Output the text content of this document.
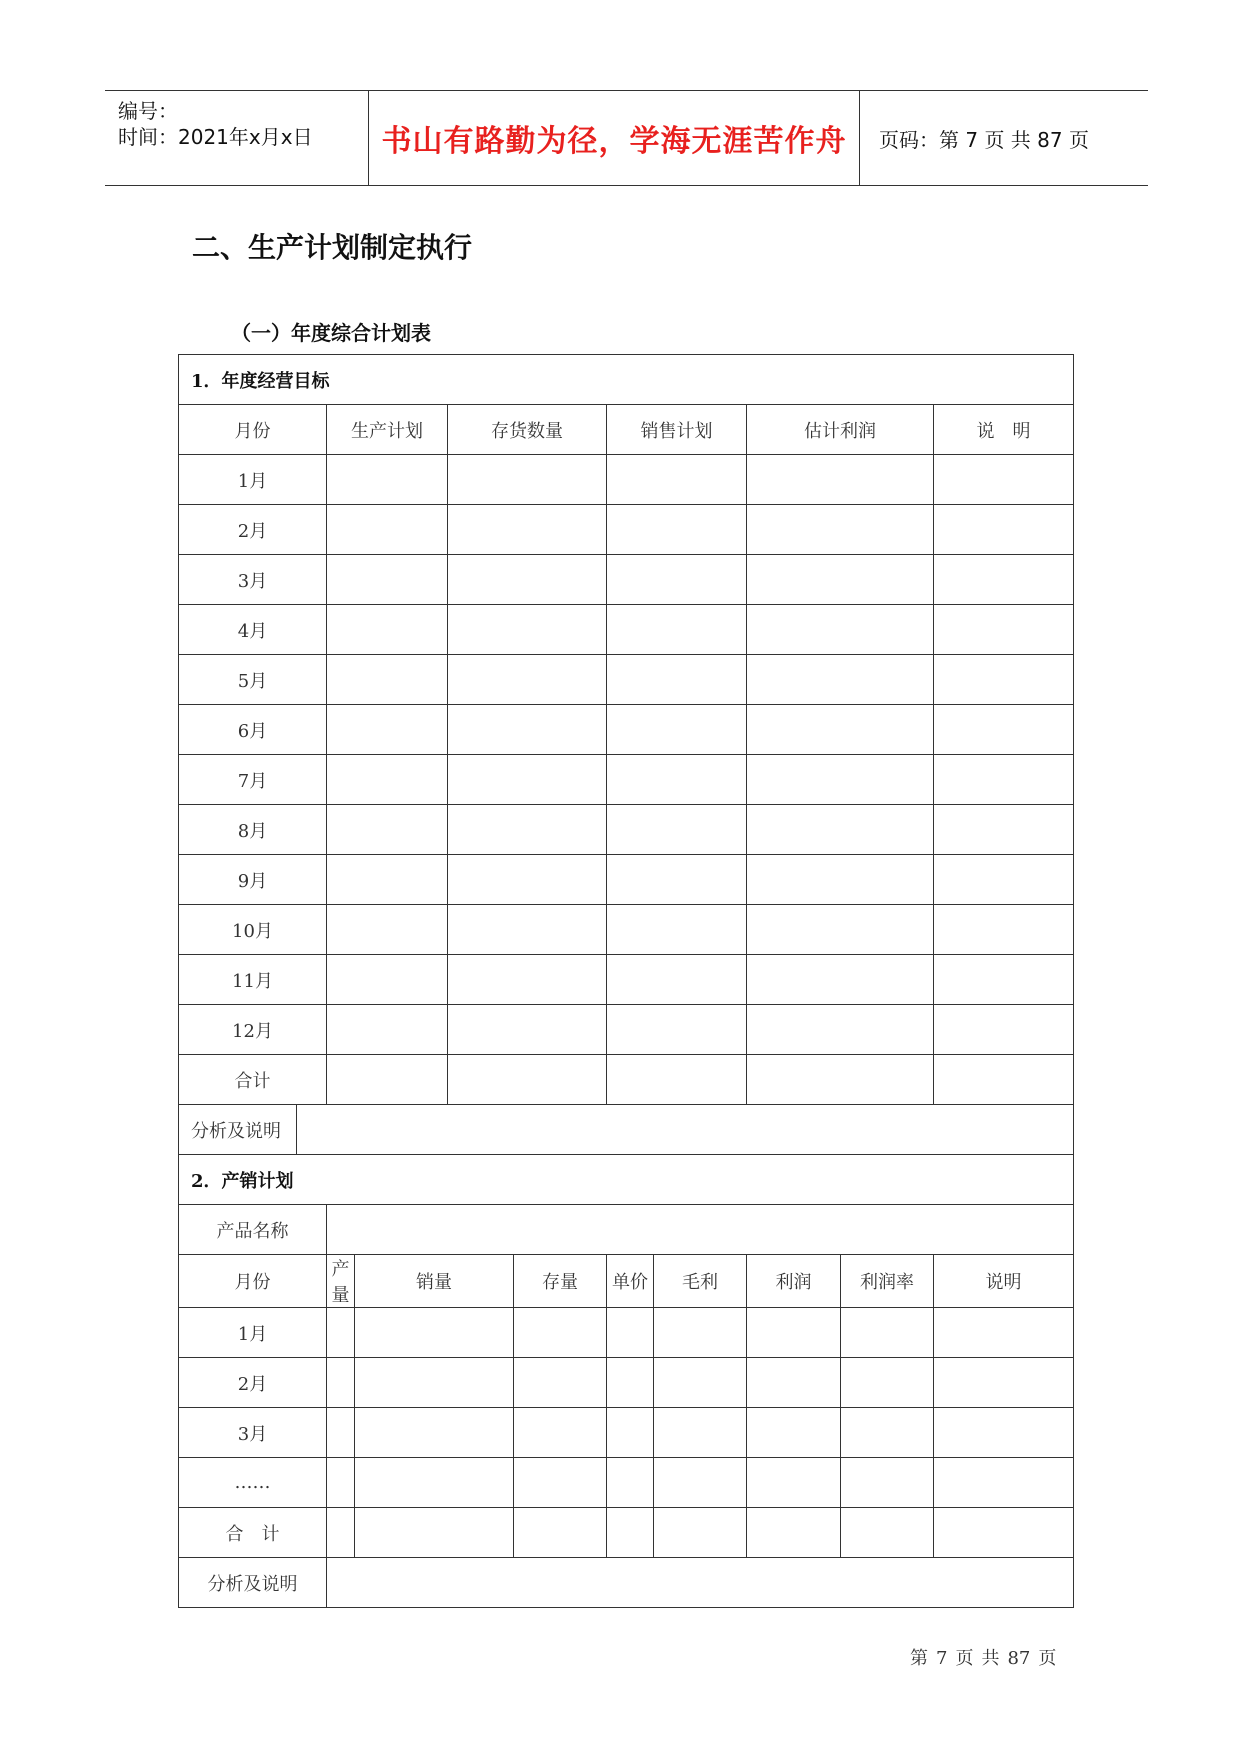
编号：
时间：2021年x月x日	书山有路勤为径，学海无涯苦作舟	页码：第 7 页 共 87 页
二、生产计划制定执行
（一）年度综合计划表
1．年度经营目标										
月份		生产计划		存货数量		销售计划		估计利润		说　明
1月										
2月										
3月										
4月										
5月										
6月										
7月										
8月										
9月										
10月										
11月										
12月										
合计										
分析及说明										
2．产销计划										
产品名称										
月份		产量	销量		存量	单价	毛利	利润	利润率	说明
1月										
2月										
3月										
……										
合　计										
分析及说明										
第 7 页 共 87 页
